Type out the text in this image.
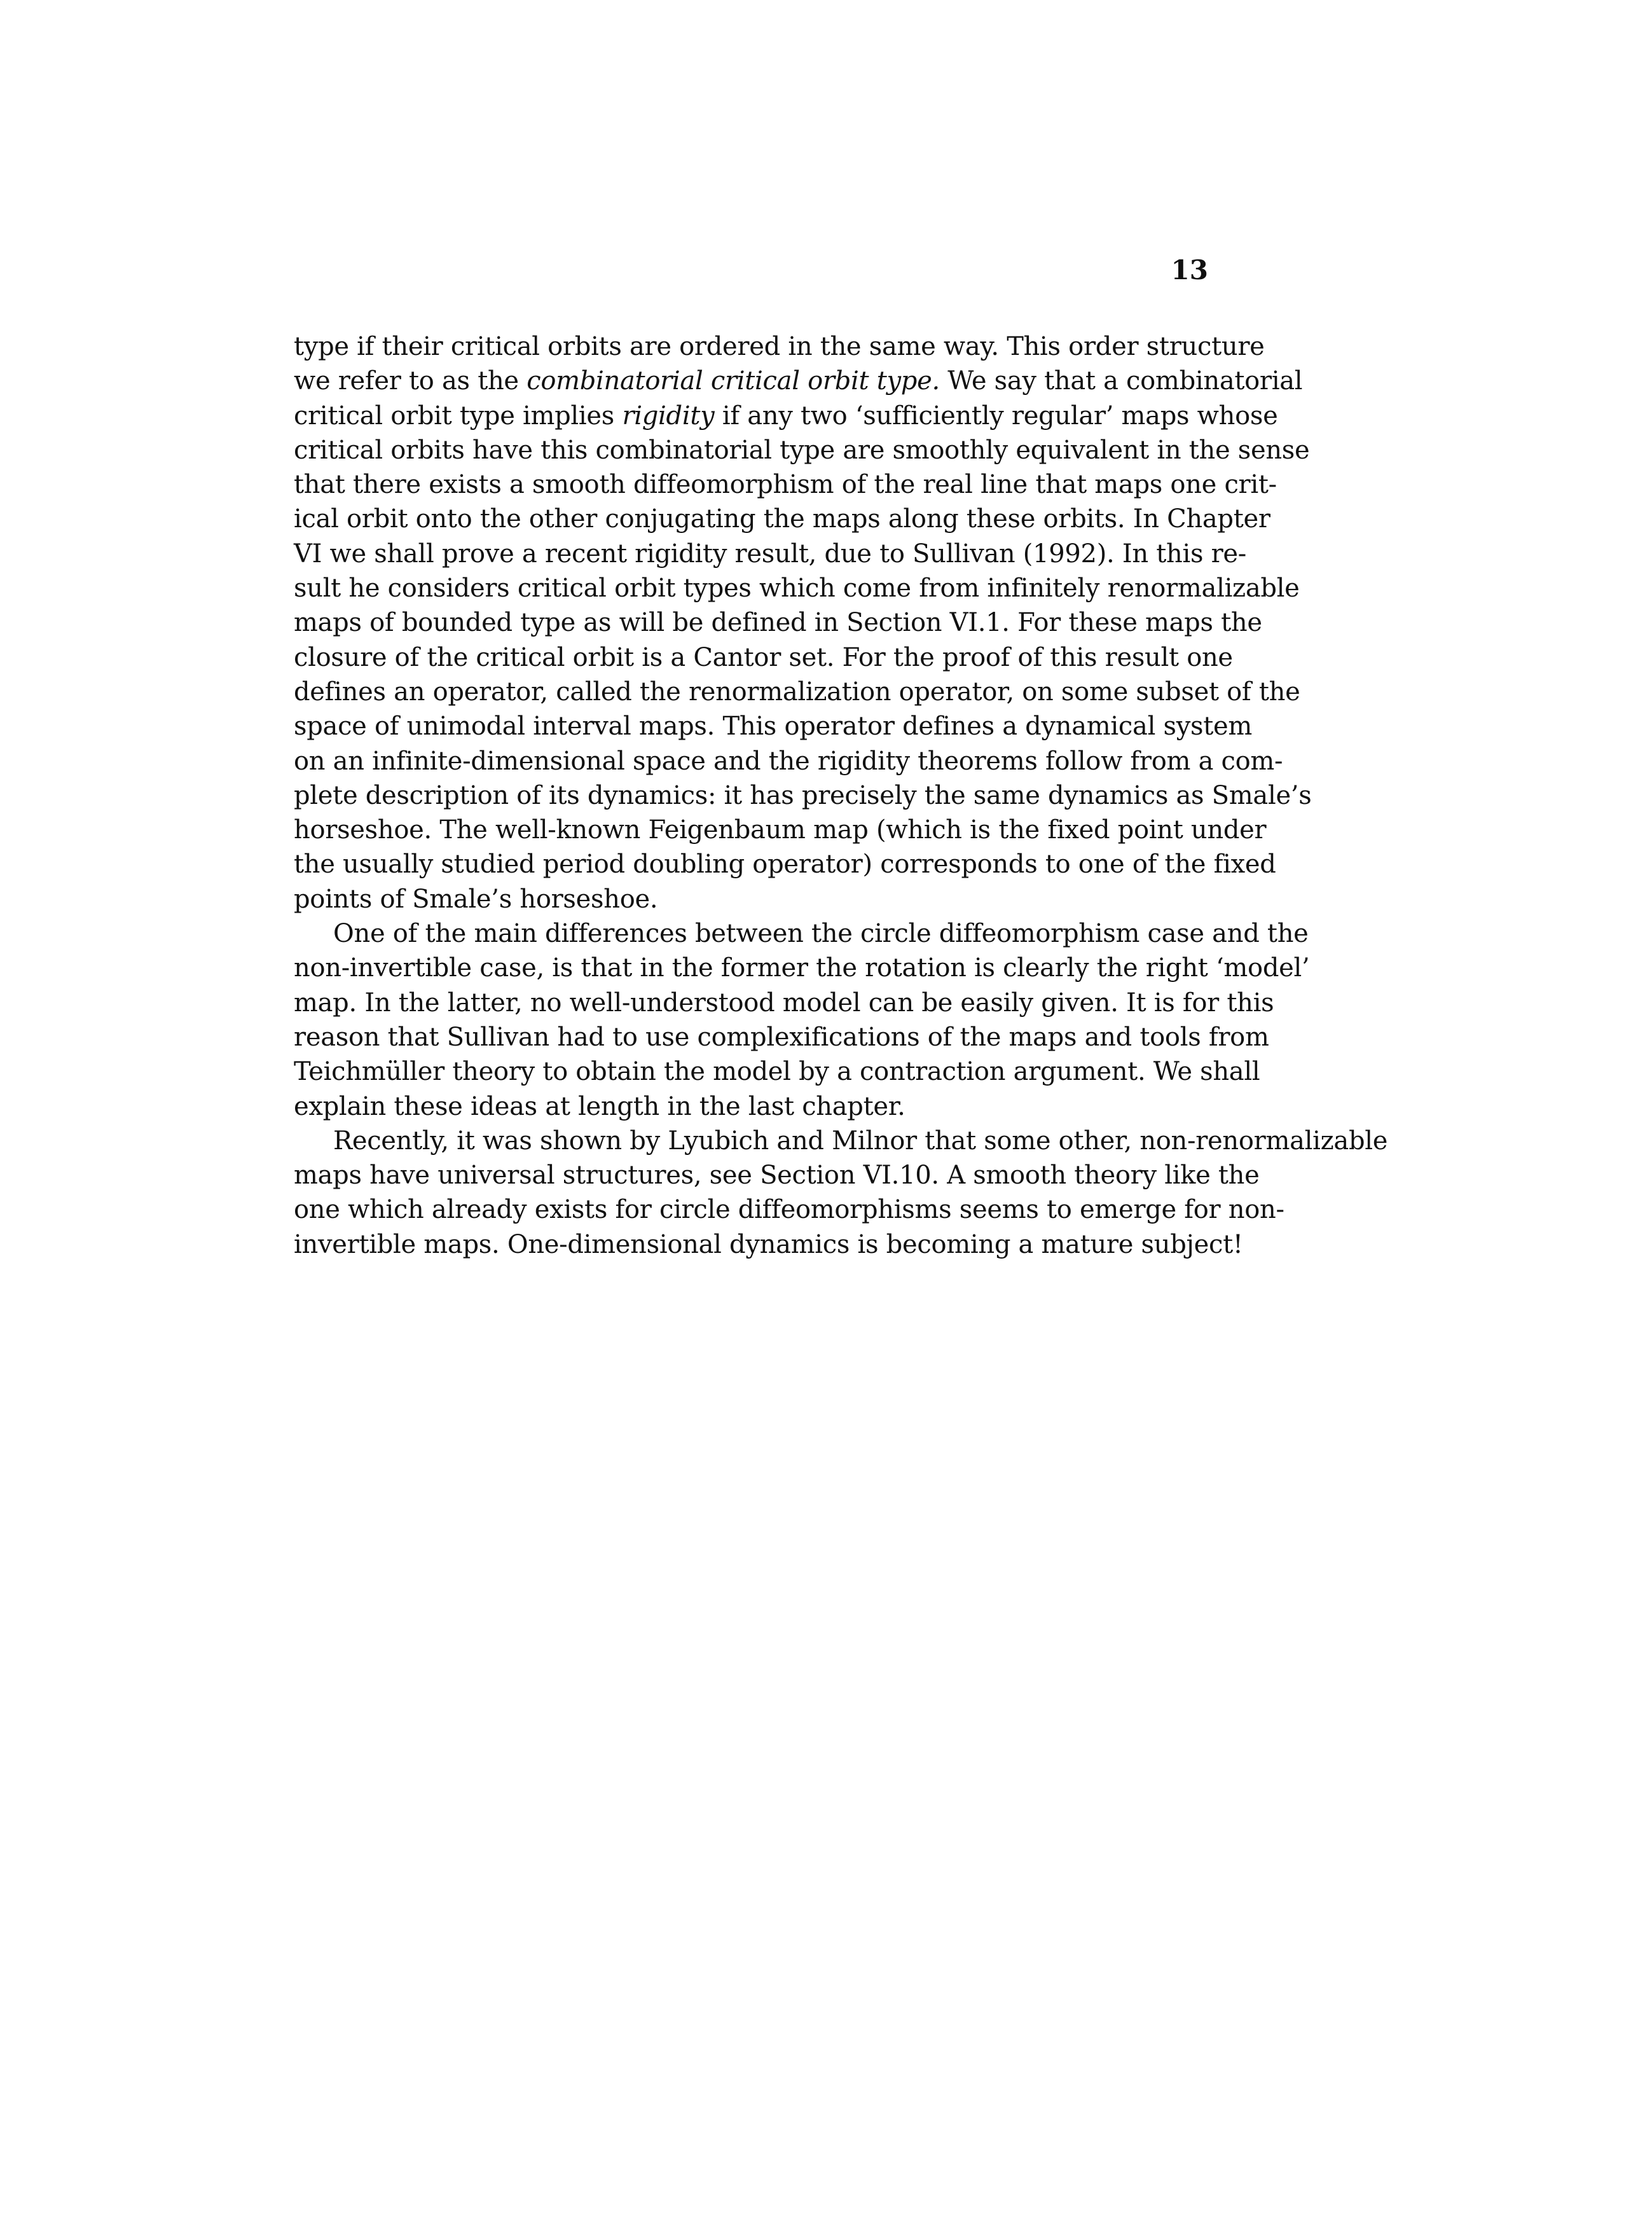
13
type if their critical orbits are ordered in the same way. This order structure
we refer to as the combinatorial critical orbit type. We say that a combinatorial
critical orbit type implies rigidity if any two ‘sufficiently regular’ maps whose
critical orbits have this combinatorial type are smoothly equivalent in the sense
that there exists a smooth diffeomorphism of the real line that maps one crit-
ical orbit onto the other conjugating the maps along these orbits. In Chapter
VI we shall prove a recent rigidity result, due to Sullivan (1992). In this re-
sult he considers critical orbit types which come from infinitely renormalizable
maps of bounded type as will be defined in Section VI.1. For these maps the
closure of the critical orbit is a Cantor set. For the proof of this result one
defines an operator, called the renormalization operator, on some subset of the
space of unimodal interval maps. This operator defines a dynamical system
on an infinite-dimensional space and the rigidity theorems follow from a com-
plete description of its dynamics: it has precisely the same dynamics as Smale’s
horseshoe. The well-known Feigenbaum map (which is the fixed point under
the usually studied period doubling operator) corresponds to one of the fixed
points of Smale’s horseshoe.
One of the main differences between the circle diffeomorphism case and the
non-invertible case, is that in the former the rotation is clearly the right ‘model’
map. In the latter, no well-understood model can be easily given. It is for this
reason that Sullivan had to use complexifications of the maps and tools from
Teichmüller theory to obtain the model by a contraction argument. We shall
explain these ideas at length in the last chapter.
Recently, it was shown by Lyubich and Milnor that some other, non-renormalizable
maps have universal structures, see Section VI.10. A smooth theory like the
one which already exists for circle diffeomorphisms seems to emerge for non-
invertible maps. One-dimensional dynamics is becoming a mature subject!
